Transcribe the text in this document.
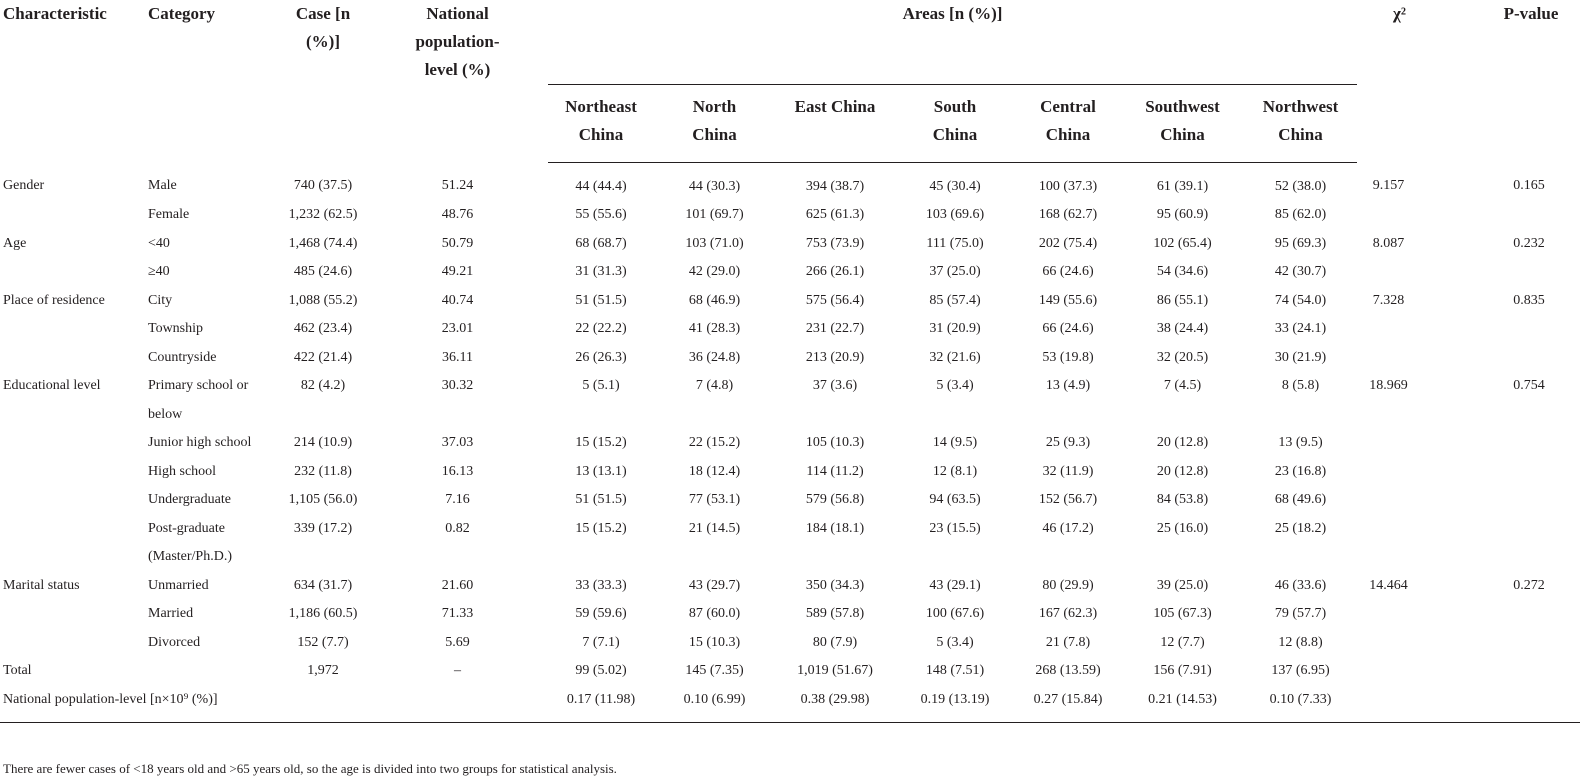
Characteristic	Category	Case [n (%)]	National population-level (%)	Areas [n (%)]							χ²	P-value
				Northeast China	North China	East China	South China	Central China	Southwest China	Northwest China		
Gender	Male	740 (37.5)	51.24	44 (44.4)	44 (30.3)	394 (38.7)	45 (30.4)	100 (37.3)	61 (39.1)	52 (38.0)	9.157	0.165
	Female	1,232 (62.5)	48.76	55 (55.6)	101 (69.7)	625 (61.3)	103 (69.6)	168 (62.7)	95 (60.9)	85 (62.0)		
Age	<40	1,468 (74.4)	50.79	68 (68.7)	103 (71.0)	753 (73.9)	111 (75.0)	202 (75.4)	102 (65.4)	95 (69.3)	8.087	0.232
	≥40	485 (24.6)	49.21	31 (31.3)	42 (29.0)	266 (26.1)	37 (25.0)	66 (24.6)	54 (34.6)	42 (30.7)		
Place of residence	City	1,088 (55.2)	40.74	51 (51.5)	68 (46.9)	575 (56.4)	85 (57.4)	149 (55.6)	86 (55.1)	74 (54.0)	7.328	0.835
	Township	462 (23.4)	23.01	22 (22.2)	41 (28.3)	231 (22.7)	31 (20.9)	66 (24.6)	38 (24.4)	33 (24.1)		
	Countryside	422 (21.4)	36.11	26 (26.3)	36 (24.8)	213 (20.9)	32 (21.6)	53 (19.8)	32 (20.5)	30 (21.9)		
Educational level	Primary school or below	82 (4.2)	30.32	5 (5.1)	7 (4.8)	37 (3.6)	5 (3.4)	13 (4.9)	7 (4.5)	8 (5.8)	18.969	0.754
	Junior high school	214 (10.9)	37.03	15 (15.2)	22 (15.2)	105 (10.3)	14 (9.5)	25 (9.3)	20 (12.8)	13 (9.5)		
	High school	232 (11.8)	16.13	13 (13.1)	18 (12.4)	114 (11.2)	12 (8.1)	32 (11.9)	20 (12.8)	23 (16.8)		
	Undergraduate	1,105 (56.0)	7.16	51 (51.5)	77 (53.1)	579 (56.8)	94 (63.5)	152 (56.7)	84 (53.8)	68 (49.6)		
	Post-graduate (Master/Ph.D.)	339 (17.2)	0.82	15 (15.2)	21 (14.5)	184 (18.1)	23 (15.5)	46 (17.2)	25 (16.0)	25 (18.2)		
Marital status	Unmarried	634 (31.7)	21.60	33 (33.3)	43 (29.7)	350 (34.3)	43 (29.1)	80 (29.9)	39 (25.0)	46 (33.6)	14.464	0.272
	Married	1,186 (60.5)	71.33	59 (59.6)	87 (60.0)	589 (57.8)	100 (67.6)	167 (62.3)	105 (67.3)	79 (57.7)		
	Divorced	152 (7.7)	5.69	7 (7.1)	15 (10.3)	80 (7.9)	5 (3.4)	21 (7.8)	12 (7.7)	12 (8.8)		
Total		1,972	–	99 (5.02)	145 (7.35)	1,019 (51.67)	148 (7.51)	268 (13.59)	156 (7.91)	137 (6.95)		
National population-level [n×10⁹ (%)]				0.17 (11.98)	0.10 (6.99)	0.38 (29.98)	0.19 (13.19)	0.27 (15.84)	0.21 (14.53)	0.10 (7.33)		
There are fewer cases of <18 years old and >65 years old, so the age is divided into two groups for statistical analysis.
